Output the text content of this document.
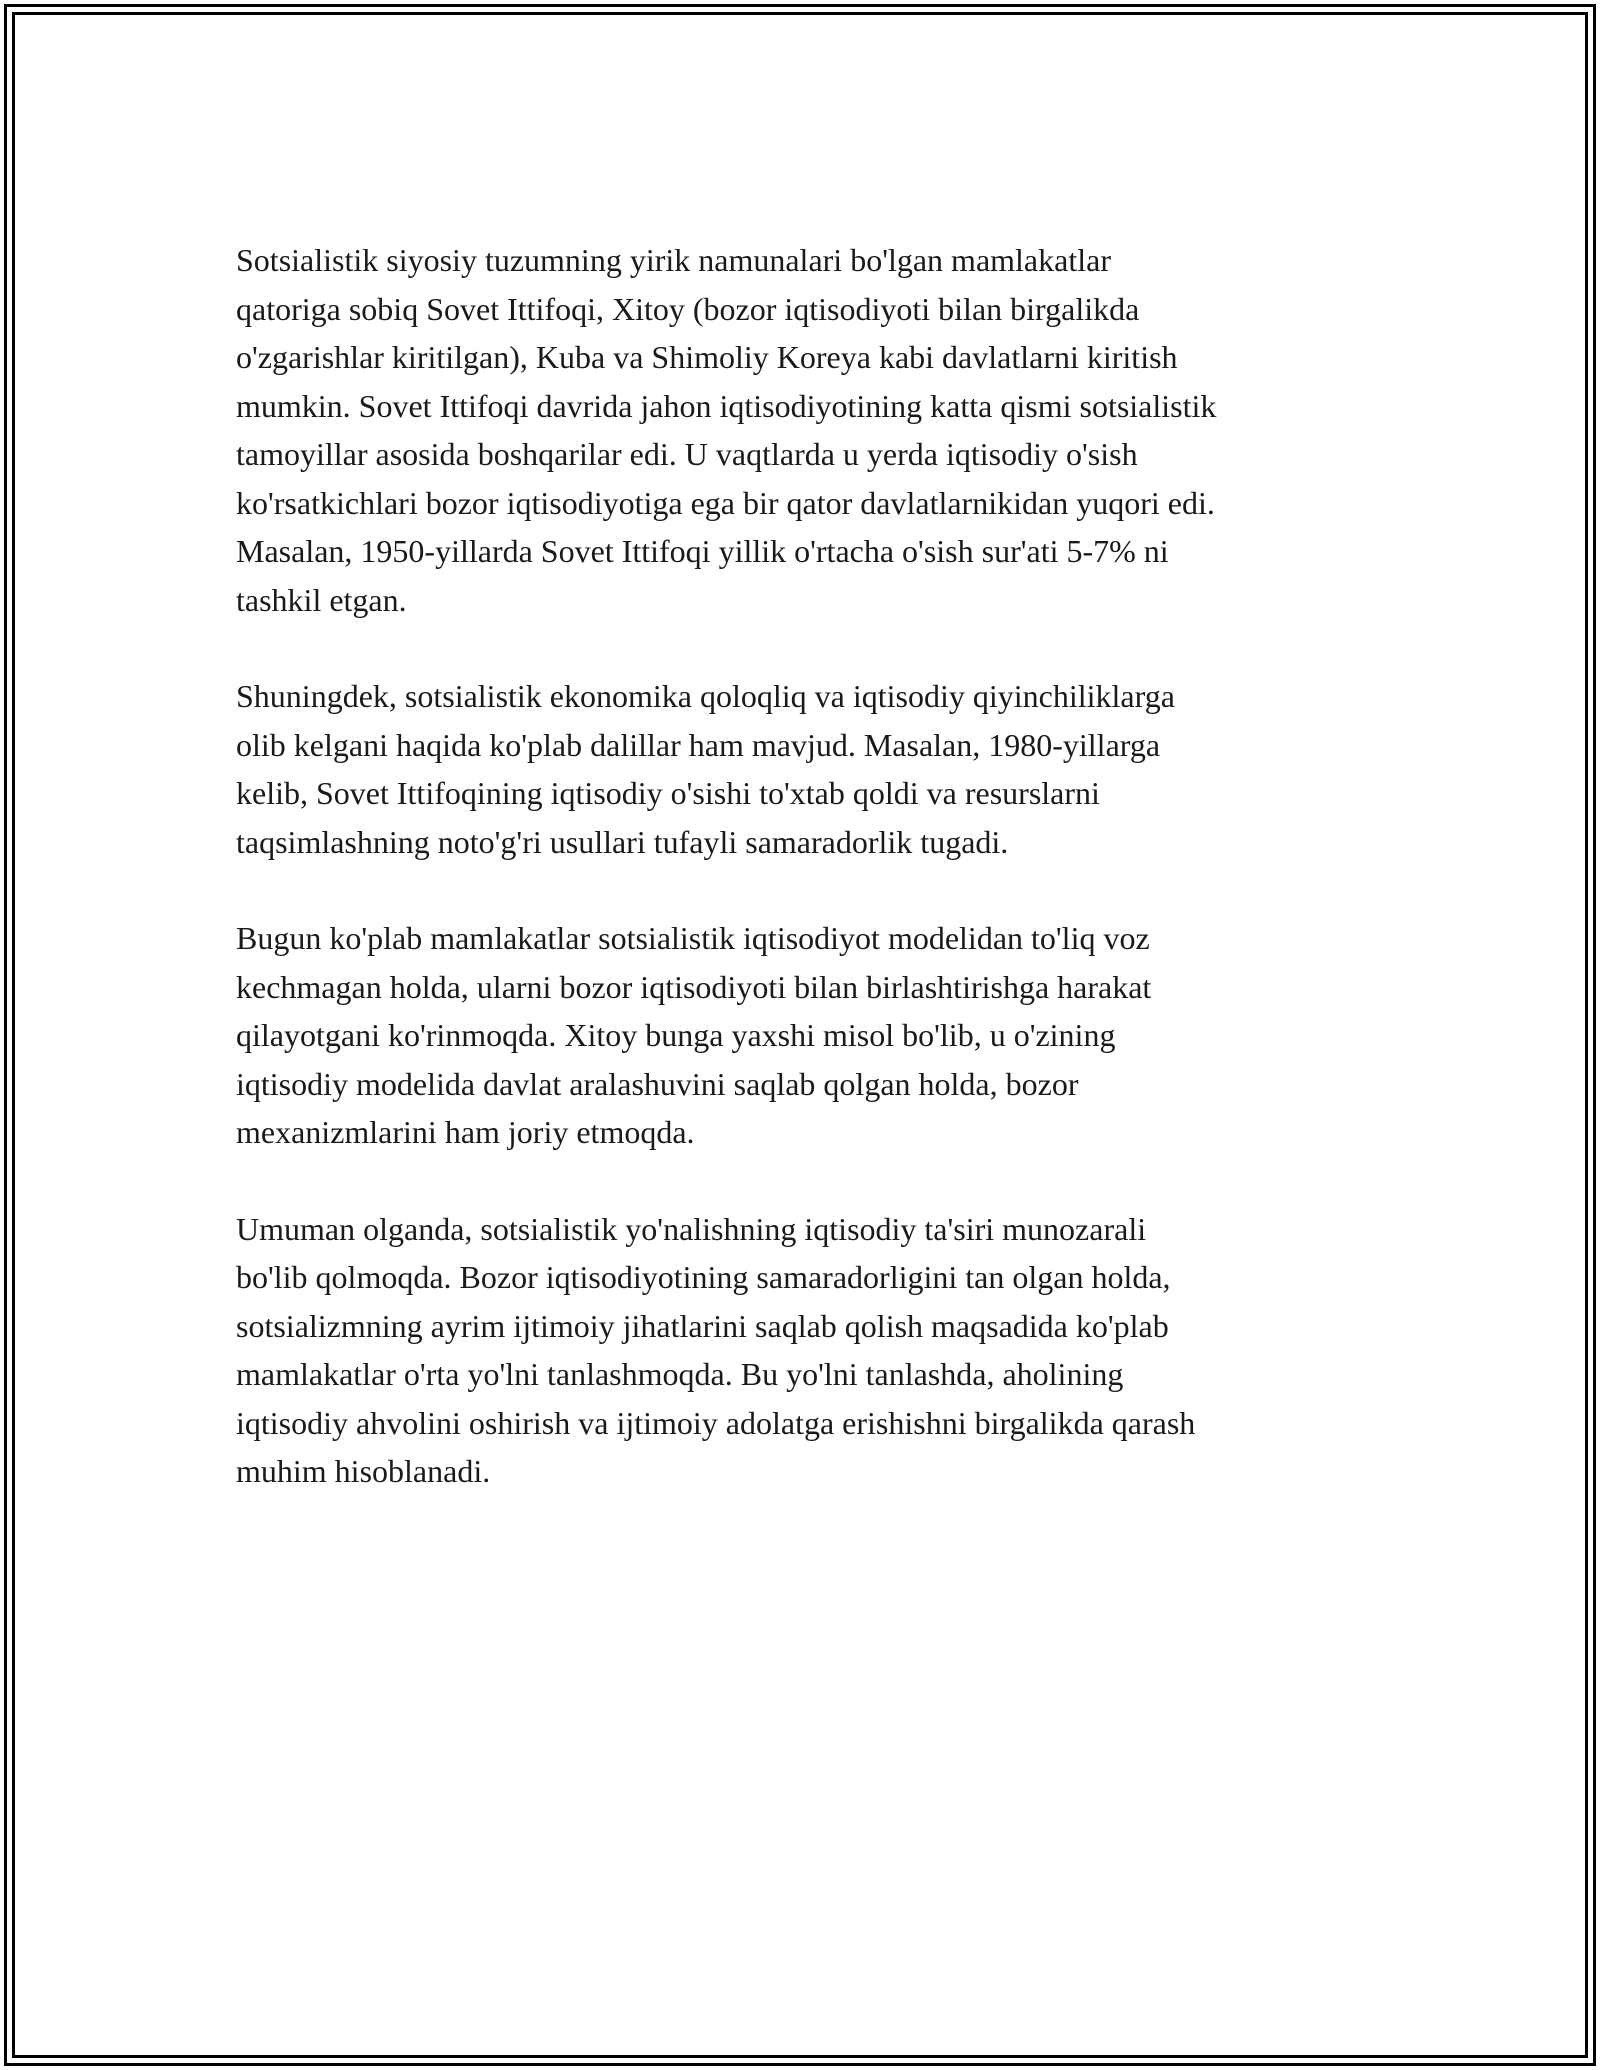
Sotsialistik siyosiy tuzumning yirik namunalari bo'lgan mamlakatlar
qatoriga sobiq Sovet Ittifoqi, Xitoy (bozor iqtisodiyoti bilan birgalikda
o'zgarishlar kiritilgan), Kuba va Shimoliy Koreya kabi davlatlarni kiritish
mumkin. Sovet Ittifoqi davrida jahon iqtisodiyotining katta qismi sotsialistik
tamoyillar asosida boshqarilar edi. U vaqtlarda u yerda iqtisodiy o'sish
ko'rsatkichlari bozor iqtisodiyotiga ega bir qator davlatlarnikidan yuqori edi.
Masalan, 1950-yillarda Sovet Ittifoqi yillik o'rtacha o'sish sur'ati 5-7% ni
tashkil etgan.

Shuningdek, sotsialistik ekonomika qoloqliq va iqtisodiy qiyinchiliklarga
olib kelgani haqida ko'plab dalillar ham mavjud. Masalan, 1980-yillarga
kelib, Sovet Ittifoqining iqtisodiy o'sishi to'xtab qoldi va resurslarni
taqsimlashning noto'g'ri usullari tufayli samaradorlik tugadi.

Bugun ko'plab mamlakatlar sotsialistik iqtisodiyot modelidan to'liq voz
kechmagan holda, ularni bozor iqtisodiyoti bilan birlashtirishga harakat
qilayotgani ko'rinmoqda. Xitoy bunga yaxshi misol bo'lib, u o'zining
iqtisodiy modelida davlat aralashuvini saqlab qolgan holda, bozor
mexanizmlarini ham joriy etmoqda.

Umuman olganda, sotsialistik yo'nalishning iqtisodiy ta'siri munozarali
bo'lib qolmoqda. Bozor iqtisodiyotining samaradorligini tan olgan holda,
sotsializmning ayrim ijtimoiy jihatlarini saqlab qolish maqsadida ko'plab
mamlakatlar o'rta yo'lni tanlashmoqda. Bu yo'lni tanlashda, aholining
iqtisodiy ahvolini oshirish va ijtimoiy adolatga erishishni birgalikda qarash
muhim hisoblanadi.
